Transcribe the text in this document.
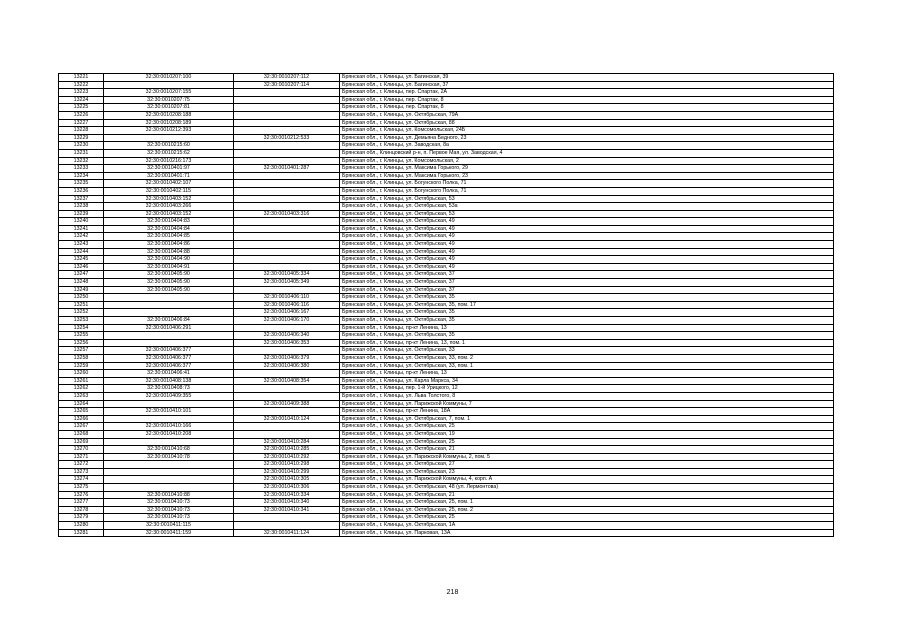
13221	32:30:0010207:100	32:30:0010207:112	Брянская обл., г. Клинцы, ул. Багинская, 39
13222		32:30:0010207:114	Брянская обл., г. Клинцы, ул. Багинская, 37
13223	32:30:0010207:155		Брянская обл., г. Клинцы, пер. Спартак, 2А
13224	32:30:0010207:75		Брянская обл., г. Клинцы, пер. Спартак, 8
13225	32:30:0010207:81		Брянская обл., г. Клинцы, пер. Спартак, 8
13226	32:30:0010208:188		Брянская обл., г. Клинцы, ул. Октябрьская, 79А
13227	32:30:0010208:189		Брянская обл., г. Клинцы, ул. Октябрьская, 88
13228	32:30:0010212:393		Брянская обл., г. Клинцы, ул. Комсомольская, 24Б
13229		32:30:0010212:533	Брянская обл., г. Клинцы, ул. Демьяна Бедного, 23
13230	32:30:0010215:60		Брянская обл., г. Клинцы, ул. Заводская, 8а
13231	32:30:0010215:62		Брянская обл., Клинцовский р-н, п. Первое Мая, ул. Заводская, 4
13232	32:30:0010216:173		Брянская обл., г. Клинцы, ул. Комсомольская, 2
13233	32:30:0010401:97	32:30:0010401:287	Брянская обл., г. Клинцы, ул. Максима Горького, 29
13234	32:30:0010401:71		Брянская обл., г. Клинцы, ул. Максима Горького, 23
13235	32:30:0010402:107		Брянская обл., г. Клинцы, ул. Богунского Полка, 71
13236	32:30:0010402:115		Брянская обл., г. Клинцы, ул. Богунского Полка, 71
13237	32:30:0010403:152		Брянская обл., г. Клинцы, ул. Октябрьская, 53
13238	32:30:0010403:266		Брянская обл., г. Клинцы, ул. Октябрьская, 53а
13239	32:30:0010403:152	32:30:0010403:316	Брянская обл., г. Клинцы, ул. Октябрьская, 53
13240	32:30:0010404:83		Брянская обл., г. Клинцы, ул. Октябрьская, 49
13241	32:30:0010404:84		Брянская обл., г. Клинцы, ул. Октябрьская, 49
13242	32:30:0010404:85		Брянская обл., г. Клинцы, ул. Октябрьская, 49
13243	32:30:0010404:86		Брянская обл., г. Клинцы, ул. Октябрьская, 49
13244	32:30:0010404:88		Брянская обл., г. Клинцы, ул. Октябрьская, 49
13245	32:30:0010404:90		Брянская обл., г. Клинцы, ул. Октябрьская, 49
13246	32:30:0010404:91		Брянская обл., г. Клинцы, ул. Октябрьская, 49
13247	32:30:0010405:90	32:30:0010405:334	Брянская обл., г. Клинцы, ул. Октябрьская, 37
13248	32:30:0010405:90	32:30:0010405:349	Брянская обл., г. Клинцы, ул. Октябрьская, 37
13249	32:30:0010405:90		Брянская обл., г. Клинцы, ул. Октябрьская, 37
13250		32:30:0010406:110	Брянская обл., г. Клинцы, ул. Октябрьская, 35
13251		32:30:0010406:116	Брянская обл., г. Клинцы, ул. Октябрьская, 35, пом. 17
13252		32:30:0010406:167	Брянская обл., г. Клинцы, ул. Октябрьская, 35
13253	32:30:0010406:84	32:30:0010406:170	Брянская обл., г. Клинцы, ул. Октябрьская, 35
13254	32:30:0010406:291		Брянская обл., г. Клинцы, пр-кт Ленина, 13
13255		32:30:0010406:340	Брянская обл., г. Клинцы, ул. Октябрьская, 35
13256		32:30:0010406:353	Брянская обл., г. Клинцы, пр-кт Ленина, 13, пом. 1
13257	32:30:0010406:377		Брянская обл., г. Клинцы, ул. Октябрьская, 33
13258	32:30:0010406:377	32:30:0010406:379	Брянская обл., г. Клинцы, ул. Октябрьская, 33, пом. 2
13259	32:30:0010406:377	32:30:0010406:380	Брянская обл., г. Клинцы, ул. Октябрьская, 33, пом. 1
13260	32:30:0010406:41		Брянская обл., г. Клинцы, пр-кт Ленина, 13
13261	32:30:0010408:138	32:30:0010408:354	Брянская обл., г. Клинцы, ул. Карла Маркса, 34
13262	32:30:0010408:73		Брянская обл., г. Клинцы, пер. 1-й Урицкого, 12
13263	32:30:0010409:355		Брянская обл., г. Клинцы, ул. Льва Толстого, 8
13264		32:30:0010409:388	Брянская обл., г. Клинцы, ул. Парижской Коммуны, 7
13265	32:30:0010410:101		Брянская обл., г. Клинцы, пр-кт Ленина, 18А
13266		32:30:0010410:124	Брянская обл., г. Клинцы, ул. Октябрьская, 7, пом. 1
13267	32:30:0010410:166		Брянская обл., г. Клинцы, ул. Октябрьская, 25
13268	32:30:0010410:208		Брянская обл., г. Клинцы, ул. Октябрьская, 19
13269		32:30:0010410:284	Брянская обл., г. Клинцы, ул. Октябрьская, 25
13270	32:30:0010410:68	32:30:0010410:285	Брянская обл., г. Клинцы, ул. Октябрьская, 21
13271	32:30:0010410:78	32:30:0010410:292	Брянская обл., г. Клинцы, ул. Парижской Коммуны, 2, пом. 5
13272		32:30:0010410:298	Брянская обл., г. Клинцы, ул. Октябрьская, 27
13273		32:30:0010410:299	Брянская обл., г. Клинцы, ул. Октябрьская, 23
13274		32:30:0010410:305	Брянская обл., г. Клинцы, ул. Парижской Коммуны, 4, корп. А
13275		32:30:0010410:306	Брянская обл., г. Клинцы, ул. Октябрьская, 48 (ул. Лермонтова)
13276	32:30:0010410:88	32:30:0010410:334	Брянская обл., г. Клинцы, ул. Октябрьская, 21
13277	32:30:0010410:73	32:30:0010410:340	Брянская обл., г. Клинцы, ул. Октябрьская, 25, пом. 1
13278	32:30:0010410:73	32:30:0010410:341	Брянская обл., г. Клинцы, ул. Октябрьская, 25, пом. 2
13279	32:30:0010410:73		Брянская обл., г. Клинцы, ул. Октябрьская, 25
13280	32:30:0010411:115		Брянская обл., г. Клинцы, ул. Октябрьская, 1А
13281	32:30:0010411:159	32:30:0010411:124	Брянская обл., г. Клинцы, ул. Парковая, 13А
218
